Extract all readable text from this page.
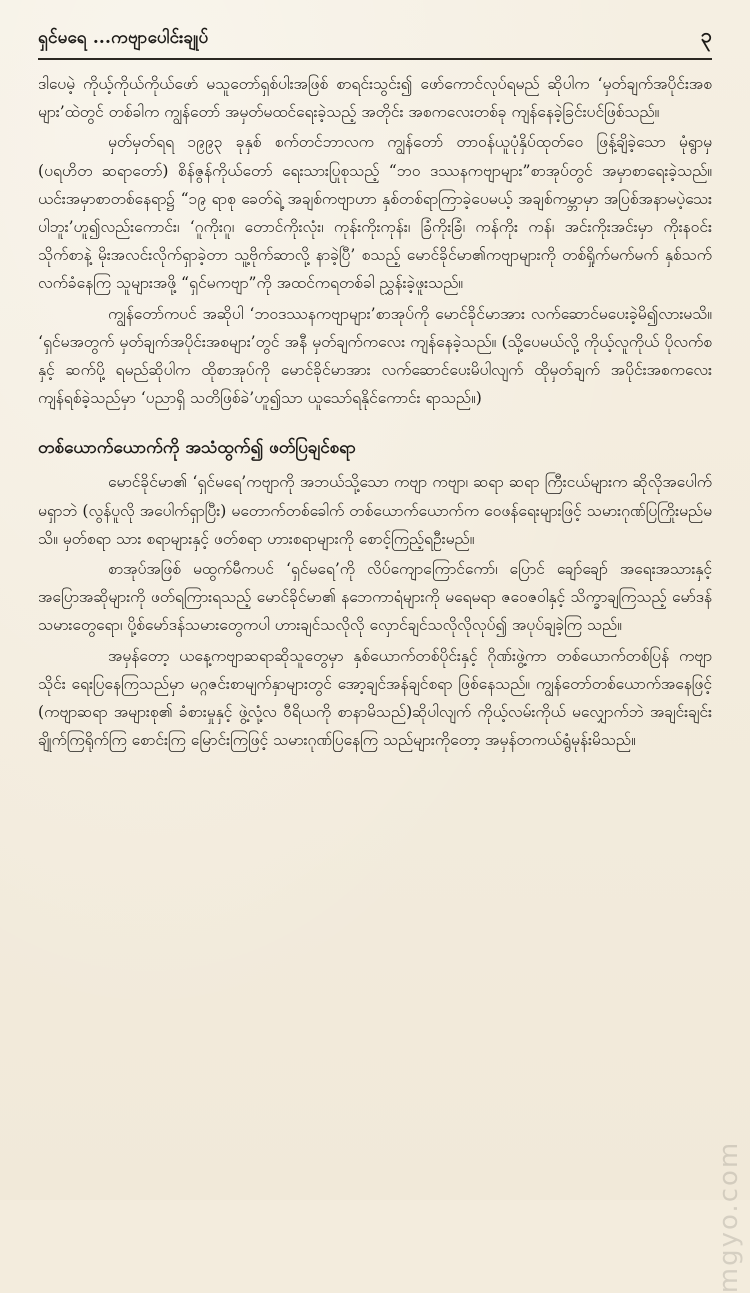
ရှင်မရေ ...ကဗျာပေါင်းချုပ်	၃

ဒါပေမဲ့ ကိုယ့်ကိုယ်ကိုယ်ဖော် မသူတော်ရှစ်ပါးအဖြစ် စာရင်းသွင်း၍ ဖော်ကောင်လုပ်ရမည် ဆိုပါက ‘မှတ်ချက်အပိုင်းအစများ’ထဲတွင် တစ်ခါက ကျွန်တော် အမှတ်မထင်ရေးခဲ့သည့် အတိုင်း အစကလေးတစ်ခု ကျန်နေခဲ့ခြင်းပင်ဖြစ်သည်။

မှတ်မှတ်ရရ ၁၉၉၃ ခုနှစ် စက်တင်ဘာလက ကျွန်တော် တာဝန်ယူပုံနှိပ်ထုတ်ဝေ ဖြန့်ချိခဲ့သော မုံရွာမှ (ပရဟိတ ဆရာတော်) စိန်ဇွန်ကိုယ်တော် ရေးသားပြုစုသည့် “ဘဝ ဒဿနကဗျာများ”စာအုပ်တွင် အမှာစာရေးခဲ့သည်။ ယင်းအမှာစာတစ်နေရာ၌ “၁၉ ရာစု ခေတ်ရဲ့ အချစ်ကဗျာဟာ နှစ်တစ်ရာကြာခဲ့ပေမယ့် အချစ်ကမ္ဘာမှာ အပြစ်အနာမပဲ့သေး ပါဘူး’ဟူ၍လည်းကောင်း၊ ‘ဂူကိုးဂူ၊ တောင်ကိုးလုံး၊ ကုန်းကိုးကုန်း၊ ခြံကိုးခြံ၊ ကန်ကိုး ကန်၊ အင်းကိုးအင်းမှာ ကိုးနဝင်းသိုက်စာနဲ့ မိုးအလင်းလိုက်ရှာခဲ့တာ သူ့ဗိုက်ဆာလို့ နာခဲ့ပြီ’ စသည့် မောင်ခိုင်မာ၏ကဗျာများကို တစ်ရှိုက်မက်မက် နှစ်သက်လက်ခံနေကြ သူများအဖို့ “ရှင်မကဗျာ”ကို အထင်ကရတစ်ခါ ညွှန်းခဲ့ဖူးသည်။

ကျွန်တော်ကပင် အဆိုပါ ‘ဘဝဒဿနကဗျာများ’စာအုပ်ကို မောင်ခိုင်မာအား လက်ဆောင်မပေးခဲ့မိ၍လားမသိ။ ‘ရှင်မအတွက် မှတ်ချက်အပိုင်းအစများ’တွင် အနီ မှတ်ချက်ကလေး ကျန်နေခဲ့သည်။ (သို့ပေမယ်လို့ ကိုယ့်လူကိုယ် ပိုလက်စနှင့် ဆက်ပို့ ရမည်ဆိုပါက ထိုစာအုပ်ကို မောင်ခိုင်မာအား လက်ဆောင်ပေးမိပါလျက် ထိုမှတ်ချက် အပိုင်းအစကလေး ကျန်ရစ်ခဲ့သည်မှာ ‘ပညာရှိ သတိဖြစ်ခဲ’ဟူ၍သာ ယူသော်ရနိုင်ကောင်း ရာသည်။)

တစ်ယောက်ယောက်ကို အသံထွက်၍ ဖတ်ပြချင်စရာ

မောင်ခိုင်မာ၏ ‘ရှင်မရေ’ကဗျာကို အဘယ်သို့သော ကဗျာ ကဗျာ၊ ဆရာ ဆရာ ကြီးငယ်များက ဆိုလိုအပေါက်မရှာဘဲ (လွန်ပူလို အပေါက်ရှာပြီး) မတောက်တစ်ခေါက် တစ်ယောက်ယောက်က ဝေဖန်ရေးများဖြင့် သမားဂုဏ်ပြကြိုးမည်မသိ။ မှတ်စရာ သား စရာများနှင့် ဖတ်စရာ ဟားစရာများကို စောင့်ကြည့်ရဦးမည်။

စာအုပ်အဖြစ် မထွက်မီကပင် ‘ရှင်မရေ’ကို လိပ်ကျောကြောင်ကော်၊ ပြောင် ချော်ချော် အရေးအသားနှင့် အပြောအဆိုများကို ဖတ်ရကြားရသည့် မောင်ခိုင်မာ၏ နဘေကာရံများကို မရေမရာ ဇဝေဇဝါနှင့် သိက္ခာချကြသည့် မော်ဒန်သမားတွေရော၊ ပို့စ်မော်ဒန်သမားတွေကပါ ဟားချင်သလိုလို လှောင်ချင်သလိုလိုလုပ်၍ အပုပ်ချခဲ့ကြ သည်။

အမှန်တော့ ယနေ့ကဗျာဆရာဆိုသူတွေမှာ နှစ်ယောက်တစ်ပိုင်းနှင့် ဂိုဏ်းဖွဲ့ကာ တစ်ယောက်တစ်ပြန် ကဗျာသိုင်း ရေးပြနေကြသည်မှာ မဂ္ဂဇင်းစာမျက်နှာများတွင် အော့ချင်အန်ချင်စရာ ဖြစ်နေသည်။ ကျွန်တော်တစ်ယောက်အနေဖြင့် (ကဗျာဆရာ အများစု၏ ခံစားမှုနှင့် ဖွဲ့လုံ့လ ဝီရိယကို စာနာမိသည်)ဆိုပါလျက် ကိုယ့်လမ်းကိုယ် မလျှောက်ဘဲ အချင်းချင်းချိုက်ကြရိုက်ကြ စောင်းကြ မြောင်းကြဖြင့် သမားဂုဏ်ပြနေကြ သည်များကိုတော့ အမှန်တကယ်ရွံမုန်းမိသည်။

mgyo.com
